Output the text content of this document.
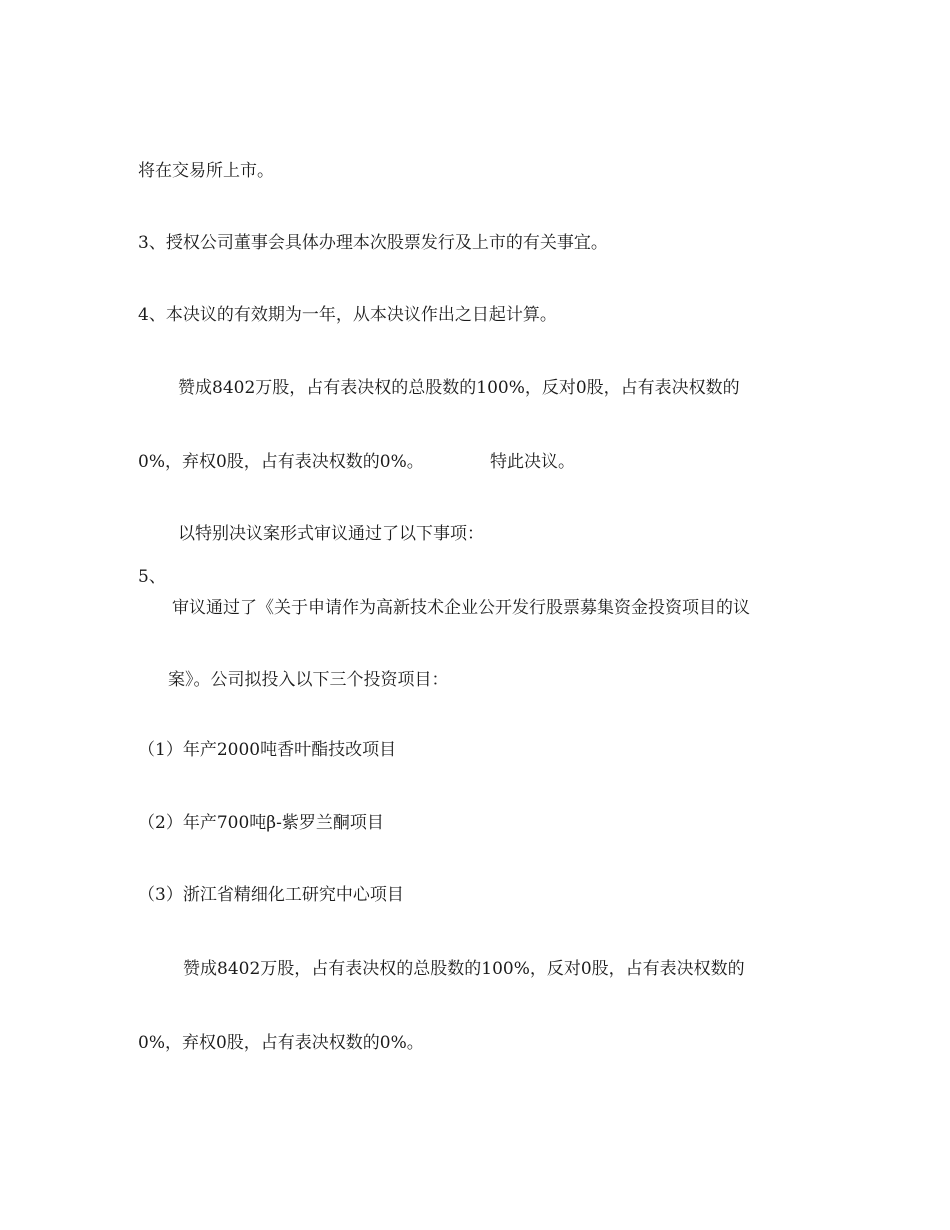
将在交易所上市。
3、授权公司董事会具体办理本次股票发行及上市的有关事宜。
4、本决议的有效期为一年，从本决议作出之日起计算。
赞成8402万股，占有表决权的总股数的100%，反对0股，占有表决权数的
0%，弃权0股，占有表决权数的0%。	特此决议。
以特别决议案形式审议通过了以下事项：
5、
审议通过了《关于申请作为高新技术企业公开发行股票募集资金投资项目的议
案》。公司拟投入以下三个投资项目：
（1）年产2000吨香叶酯技改项目
（2）年产700吨β-紫罗兰酮项目
（3）浙江省精细化工研究中心项目
赞成8402万股，占有表决权的总股数的100%，反对0股，占有表决权数的
0%，弃权0股，占有表决权数的0%。
